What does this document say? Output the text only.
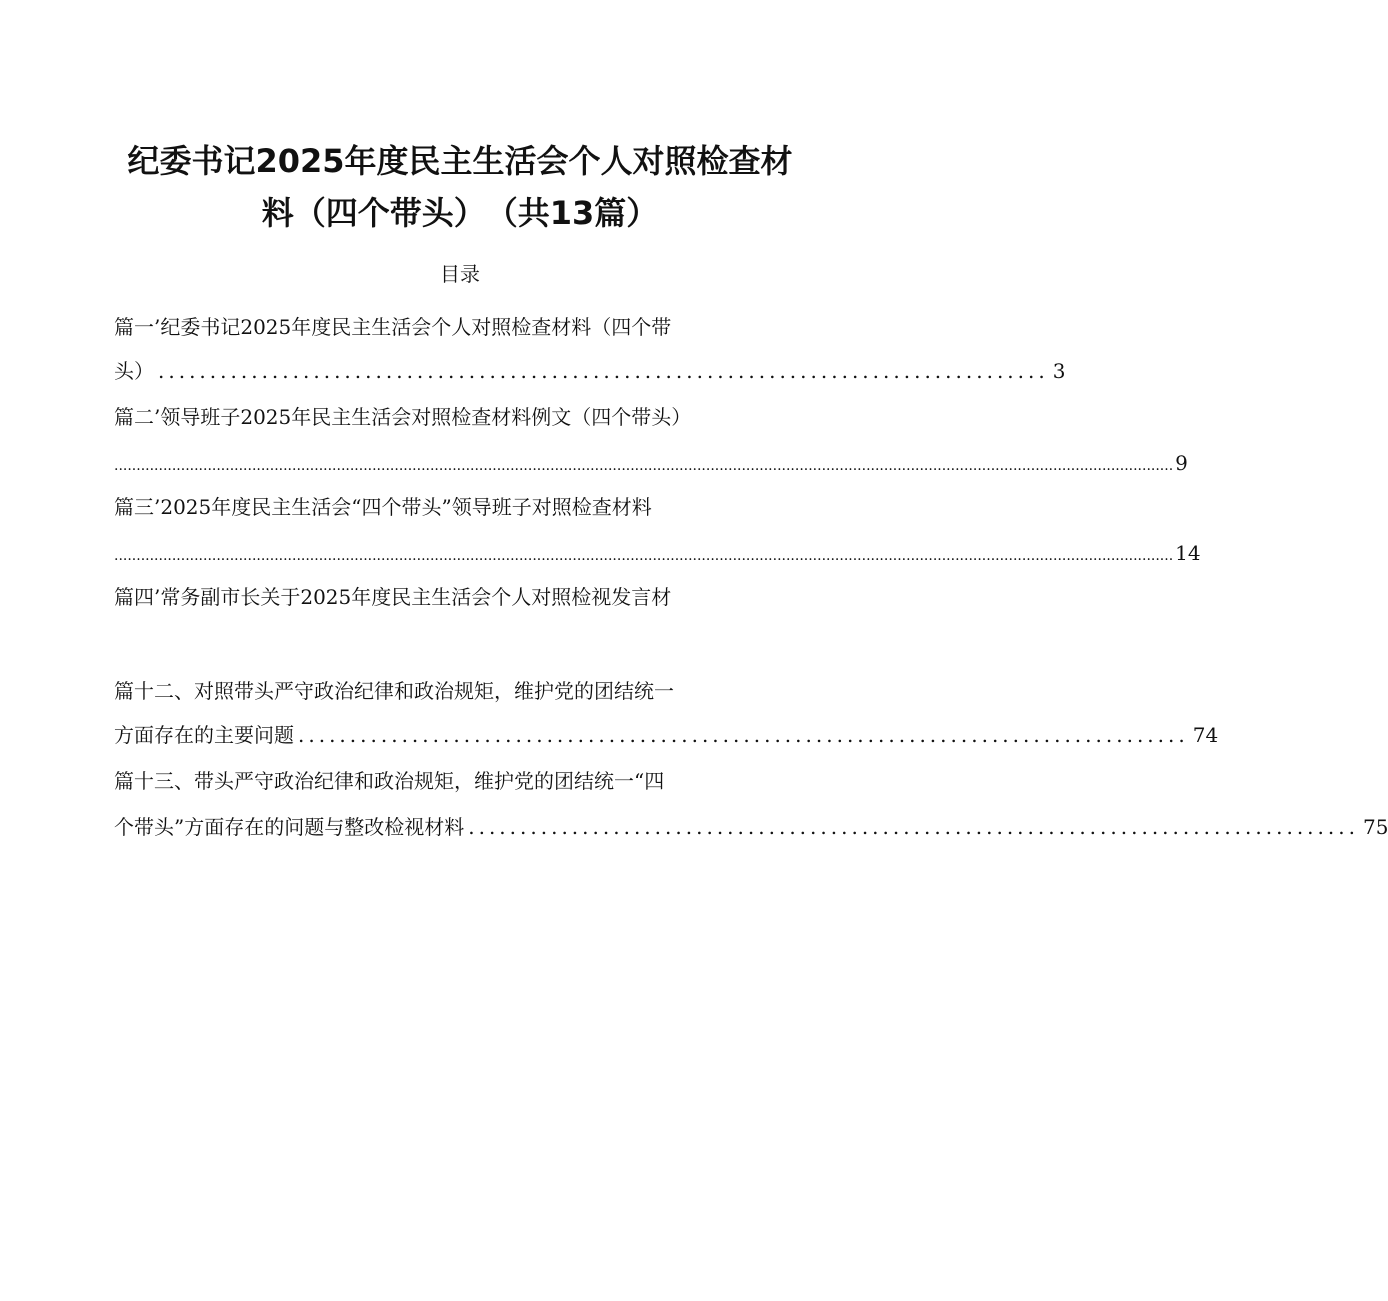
纪委书记2025年度民主生活会个人对照检查材
料（四个带头）　（共13篇）
目录
篇一’纪委书记2025年度民主生活会个人对照检查材料（四个带
头） ...................................................................................... 3
篇二’领导班子2025年民主生活会对照检查材料例文（四个带头）
.............................................................................................................................................................................................................................................. 9
篇三’2025年度民主生活会“四个带头”领导班子对照检查材料
.............................................................................................................................................................................................................................................. 14
篇四’常务副市长关于2025年度民主生活会个人对照检视发言材
篇十二、对照带头严守政治纪律和政治规矩，维护党的团结统一
方面存在的主要问题 ...................................................................................... 74
篇十三、带头严守政治纪律和政治规矩，维护党的团结统一“四
个带头”方面存在的问题与整改检视材料 ...................................................................................... 75
